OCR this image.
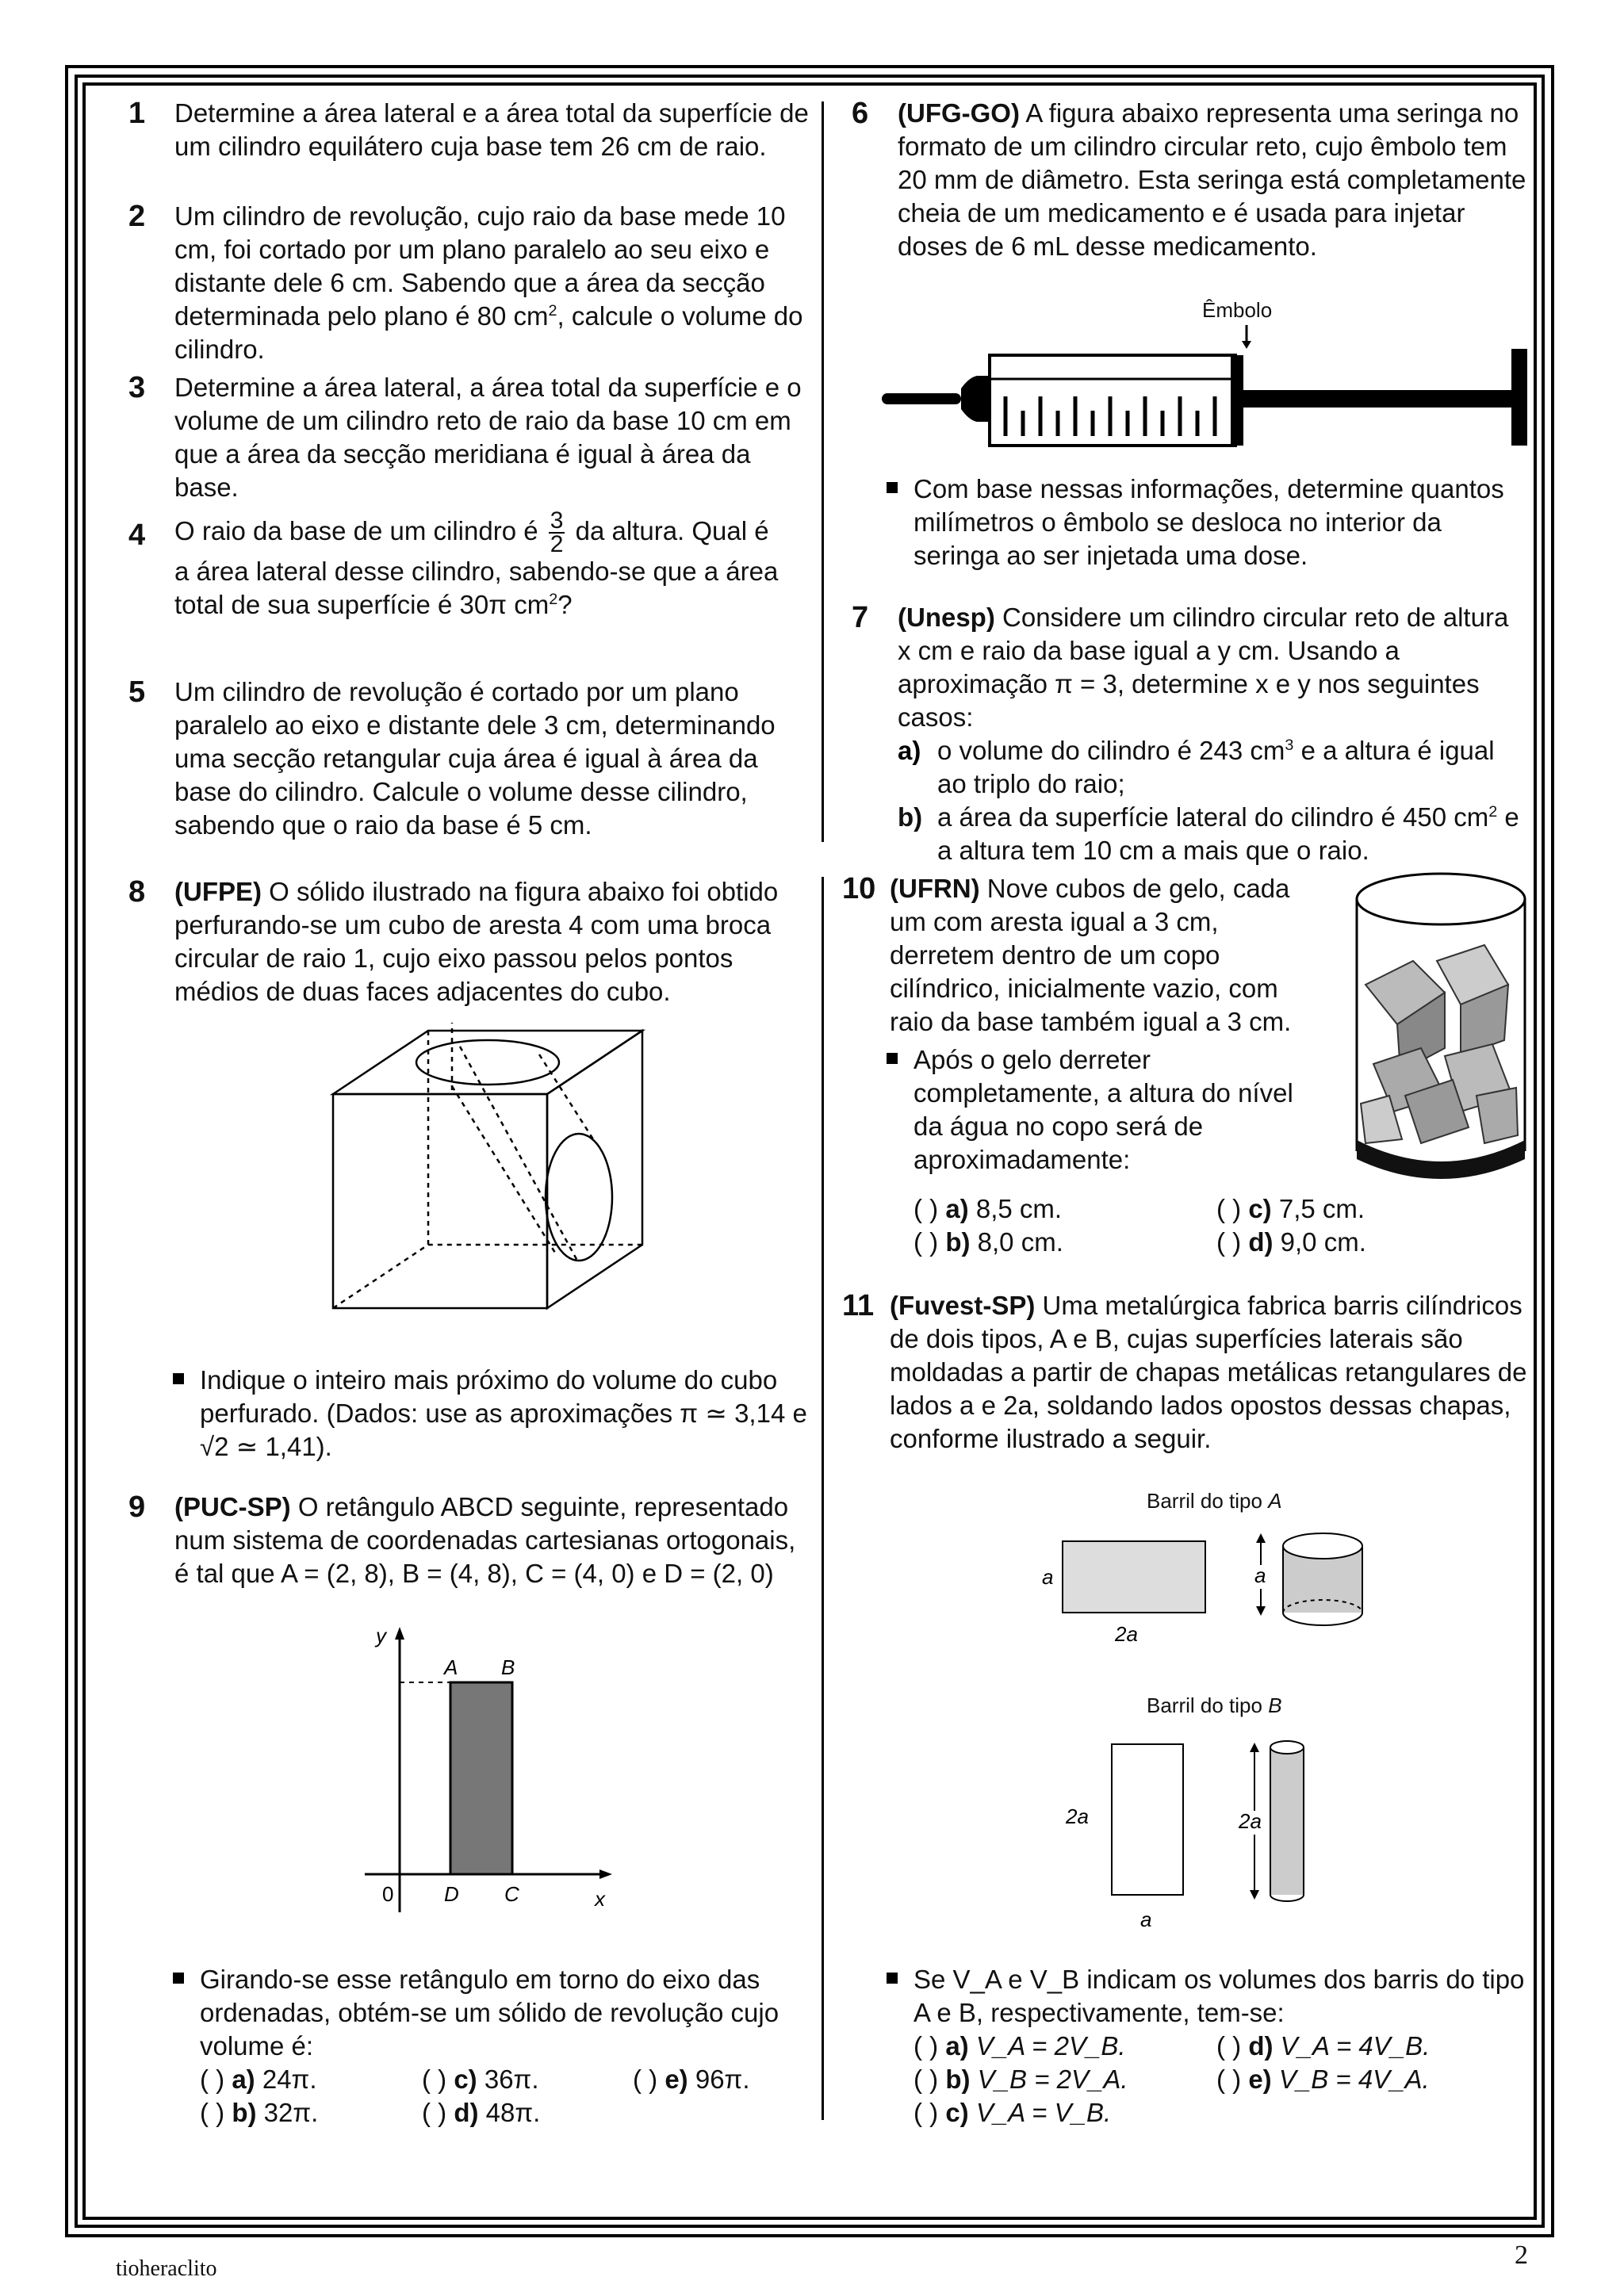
1	Determine a área lateral e a área total da superfície de um cilindro equilátero cuja base tem 26 cm de raio.

2	Um cilindro de revolução, cujo raio da base mede 10 cm, foi cortado por um plano paralelo ao seu eixo e distante dele 6 cm. Sabendo que a área da secção determinada pelo plano é 80 $cm^2$, calcule o volume do cilindro.

3	Determine a área lateral, a área total da superfície e o volume de um cilindro reto de raio da base 10 cm em que a área da secção meridiana é igual à área da base.

4	O raio da base de um cilindro é $\frac{3}{2}$ da altura. Qual é

a área lateral desse cilindro, sabendo-se que a área

total de sua superfície é 30π $cm^2$?

5	Um cilindro de revolução é cortado por um plano paralelo ao eixo e distante dele 3 cm, determinando uma secção retangular cuja área é igual à área da base do cilindro. Calcule o volume desse cilindro, sabendo que o raio da base é 5 cm.

6	(UFG-GO) A figura abaixo representa uma seringa no formato de um cilindro circular reto, cujo êmbolo tem 20 mm de diâmetro. Esta seringa está completamente cheia de um medicamento e é usada para injetar doses de 6 mL desse medicamento.

Êmbolo

Com base nessas informações, determine quantos milímetros o êmbolo se desloca no interior da seringa ao ser injetada uma dose.

7	(Unesp) Considere um cilindro circular reto de altura x cm e raio da base igual a y cm. Usando a aproximação π = 3, determine x e y nos seguintes casos:

a) o volume do cilindro é 243 $cm^3$ e a altura é igual ao triplo do raio;

b) a área da superfície lateral do cilindro é 450 $cm^2$ e a altura tem 10 cm a mais que o raio.

8	(UFPE) O sólido ilustrado na figura abaixo foi obtido perfurando-se um cubo de aresta 4 com uma broca circular de raio 1, cujo eixo passou pelos pontos médios de duas faces adjacentes do cubo.

Indique o inteiro mais próximo do volume do cubo perfurado. (Dados: use as aproximações π ≃ 3,14 e √2 ≃ 1,41).

9	(PUC-SP) O retângulo ABCD seguinte, representado num sistema de coordenadas cartesianas ortogonais, é tal que A = (2, 8), B = (4, 8), C = (4, 0) e D = (2, 0)

y
A B
0 D C	x

Girando-se esse retângulo em torno do eixo das ordenadas, obtém-se um sólido de revolução cujo volume é:

( ) a) 24π.
( ) b) 32π.
( ) c) 36π.
( ) d) 48π.
( ) e) 96π.
10 (UFRN) Nove cubos de gelo, cada um com aresta igual a 3 cm, derretem dentro de um copo cilíndrico, inicialmente vazio, com raio da base também igual a 3 cm.

Após o gelo derreter completamente, a altura do nível da água no copo será de aproximadamente:

( ) a) 8,5 cm.
( ) b) 8,0 cm.
( ) c) 7,5 cm.
( ) d) 9,0 cm.
11 (Fuvest-SP) Uma metalúrgica fabrica barris cilíndricos de dois tipos, A e B, cujas superfícies laterais são moldadas a partir de chapas metálicas retangulares de lados a e 2a, soldando lados opostos dessas chapas, conforme ilustrado a seguir.

Barril do tipo A
a
2a
a
Barril do tipo B
2a
a
2a

Se V_A e V_B indicam os volumes dos barris do tipo A e B, respectivamente, tem-se:

( ) a) V_A = 2V_B.
( ) b) V_B = 2V_A.
( ) c) V_A = V_B.
( ) d) V_A = 4V_B.
( ) e) V_B = 4V_A.
tioheraclito	2
